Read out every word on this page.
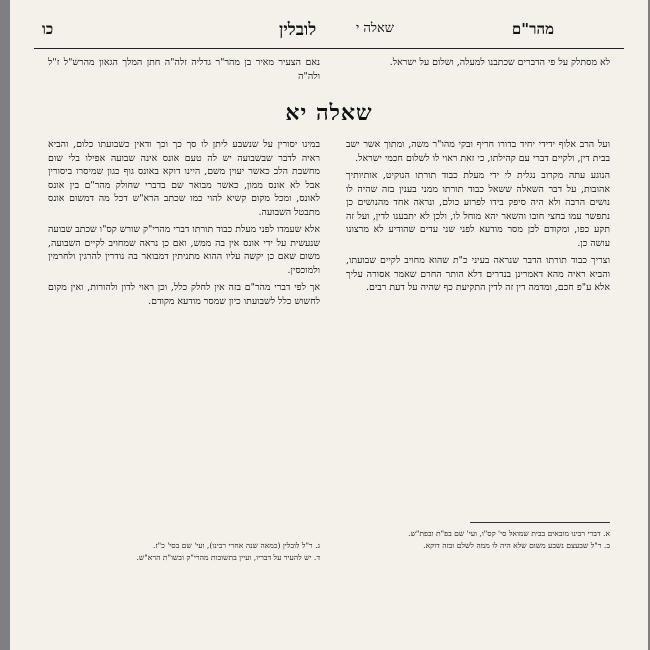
מהר"ם
שאלה י
לובלין
כו

לא מסתלק על פי הדברים שכתבנו למעלה, ושלום על ישראל.

נאם הצעיר מאיר בן מהר"ר גדליה זלה"ה חתן המלך הגאון מהרש"ל ז"ל ולה"ה

שאלה יא

ועל הרב אלוף ידידי יחיד בדורו חריף ובקי מהו"ר משה, ומתוך אשר ישב בבית דין, ולקיים דברי עם קהילתו, כי זאת ראוי לו לשלום חכמי ישראל.

הנוגע עתה מקרוב נגלית לי ידי מעלת כבוד תורתו הנוקיט, אותיותיך אהובות, על דבר השאלה ששאל כבוד תורתו ממני בענין בזה שהיה לו נושים הרבה ולא היה סיפק בידו לפרוע כולם, ונראה אחד מהנושים כן נתפשר עמו בחצי חובו והשאר יהא מוחל לו, ולכן לא יתבענו לדין, ועל זה תקע כפו, ומקודם לכן מסר מודעא לפני שני עדים שהודיע לא מרצונו עושה כן.

וצריך כבוד תורתו הדבר שנראה בעיני כ"ת שהוא מחויב לקיים שבועתו, והביא ראיה מהא דאמרינן בנדרים דלא הותר החרם שאמר אסורה עליך אלא ע"פ חכם, ומדמה דין זה לדין התקיעת כף שהיה על דעת רבים.

במינו יסורין על שנשבע ליתן לו סך כך וכך ודאין כשבועתו כלום, והביא ראיה לדבר שבשבועה יש לה טעם אונס אינה שבועה אפילו בלי שום מחשבת הלב כאשר יעוין משם, היינו דוקא באונס גוף כגון שמיסרו ביסורין אבל לא אונס ממון, כאשר מבואר שם בדברי שחולק מהר"ם בין אונס לאונס, ומכל מקום קשיא להוי כמו שכתב הרא"ש דכל מה דמשום אונס מתבטל השבועה.

אלא שעמדו לפני מעלת כבוד תורתו דברי מהרי"ק שורש קס"ו שכתב שבועה שנעשית על ידי אונס אין בה ממש, ואם כן נראה שמחויב לקיים השבועה, משום שאם כן יקשה עליו ההוא מתניתין דמבואר בה נודרין להרגין ולחרמין ולמוכסין.

אך לפי דברי מהר"ם בזה אין לחלק כלל, וכן ראוי לדון ולהורות, ואין מקום לחשוש כלל לשבועתו כיון שמסר מודעא מקודם.

א. דברי רבינו מובאים בבית שמואל סי' קס"ו, ועי' שם בפ"ת ובפת"ש.

ב. ר"ל שבעצם נשבע משום שלא היה לו ממה לשלם ובזה דוקא.

ג. ר"ל לובלין (כמאה שנה אחרי רבינו), ועי' שם בסי' כ"ז.

ד. יש להעיר על דבריו, ועיין בתשובות מהרי"ק ובשו"ת הרא"ש.
